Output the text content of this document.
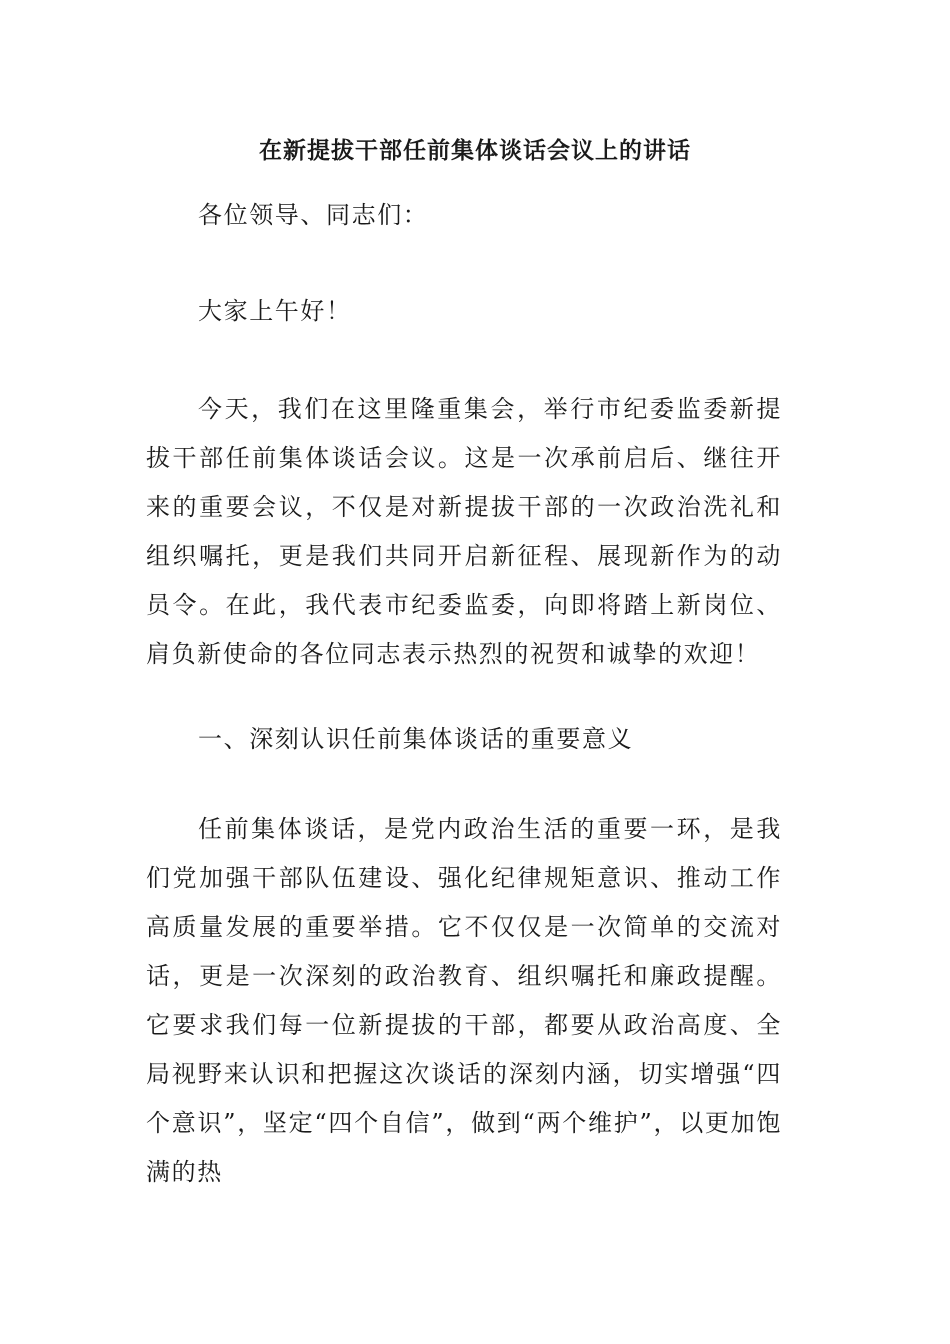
在新提拔干部任前集体谈话会议上的讲话

各位领导、同志们：

大家上午好！

今天，我们在这里隆重集会，举行市纪委监委新提拔干部任前集体谈话会议。这是一次承前启后、继往开来的重要会议，不仅是对新提拔干部的一次政治洗礼和组织嘱托，更是我们共同开启新征程、展现新作为的动员令。在此，我代表市纪委监委，向即将踏上新岗位、肩负新使命的各位同志表示热烈的祝贺和诚挚的欢迎！

一、深刻认识任前集体谈话的重要意义

任前集体谈话，是党内政治生活的重要一环，是我们党加强干部队伍建设、强化纪律规矩意识、推动工作高质量发展的重要举措。它不仅仅是一次简单的交流对话，更是一次深刻的政治教育、组织嘱托和廉政提醒。它要求我们每一位新提拔的干部，都要从政治高度、全局视野来认识和把握这次谈话的深刻内涵，切实增强“四个意识”，坚定“四个自信”，做到“两个维护”，以更加饱满的热
